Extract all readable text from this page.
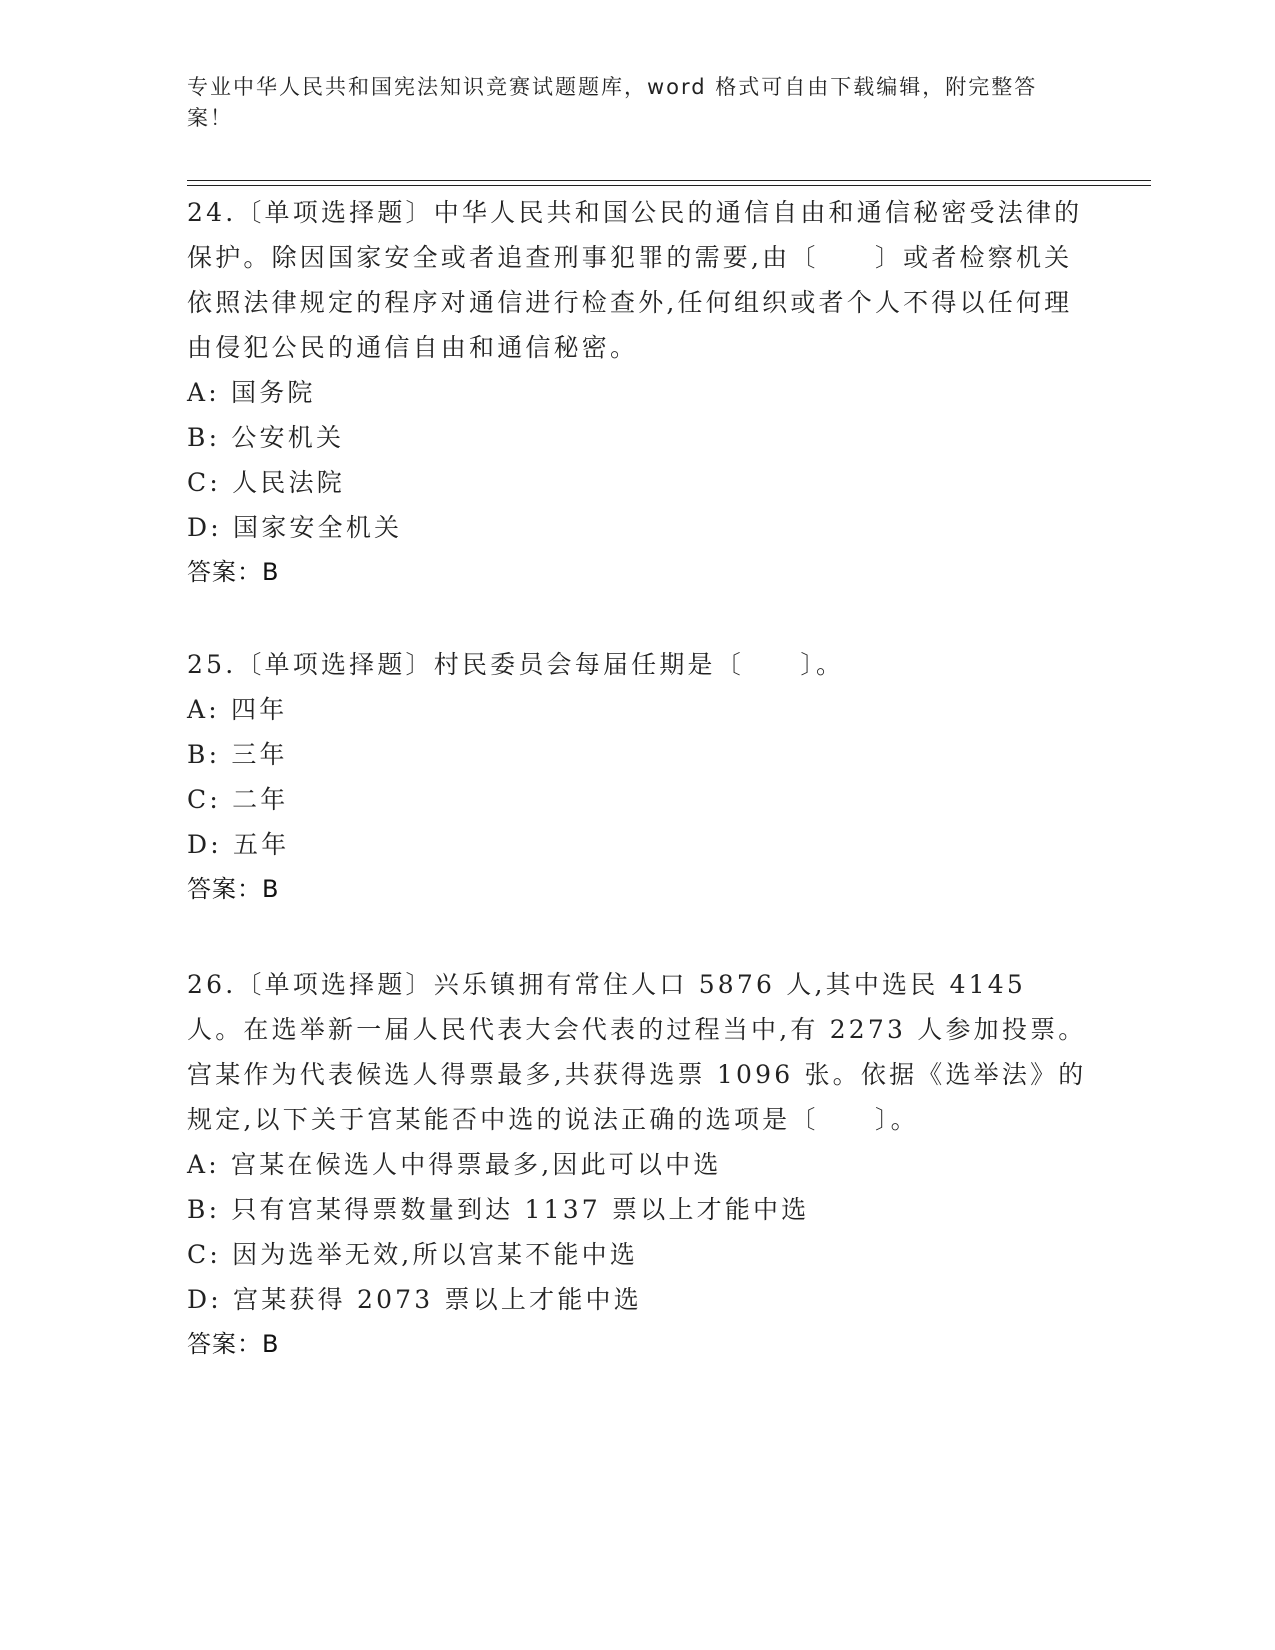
专业中华人民共和国宪法知识竞赛试题题库，word 格式可自由下载编辑，附完整答案！

24.〔单项选择题〕中华人民共和国公民的通信自由和通信秘密受法律的保护。除因国家安全或者追查刑事犯罪的需要,由〔　　〕或者检察机关依照法律规定的程序对通信进行检查外,任何组织或者个人不得以任何理由侵犯公民的通信自由和通信秘密。

A: 国务院

B: 公安机关

C: 人民法院

D: 国家安全机关

答案：B

25.〔单项选择题〕村民委员会每届任期是〔　　〕。

A: 四年

B: 三年

C: 二年

D: 五年

答案：B

26.〔单项选择题〕兴乐镇拥有常住人口 5876 人,其中选民 4145 人。在选举新一届人民代表大会代表的过程当中,有 2273 人参加投票。宫某作为代表候选人得票最多,共获得选票 1096 张。依据《选举法》的规定,以下关于宫某能否中选的说法正确的选项是〔　　〕。

A: 宫某在候选人中得票最多,因此可以中选

B: 只有宫某得票数量到达 1137 票以上才能中选

C: 因为选举无效,所以宫某不能中选

D: 宫某获得 2073 票以上才能中选

答案：B
